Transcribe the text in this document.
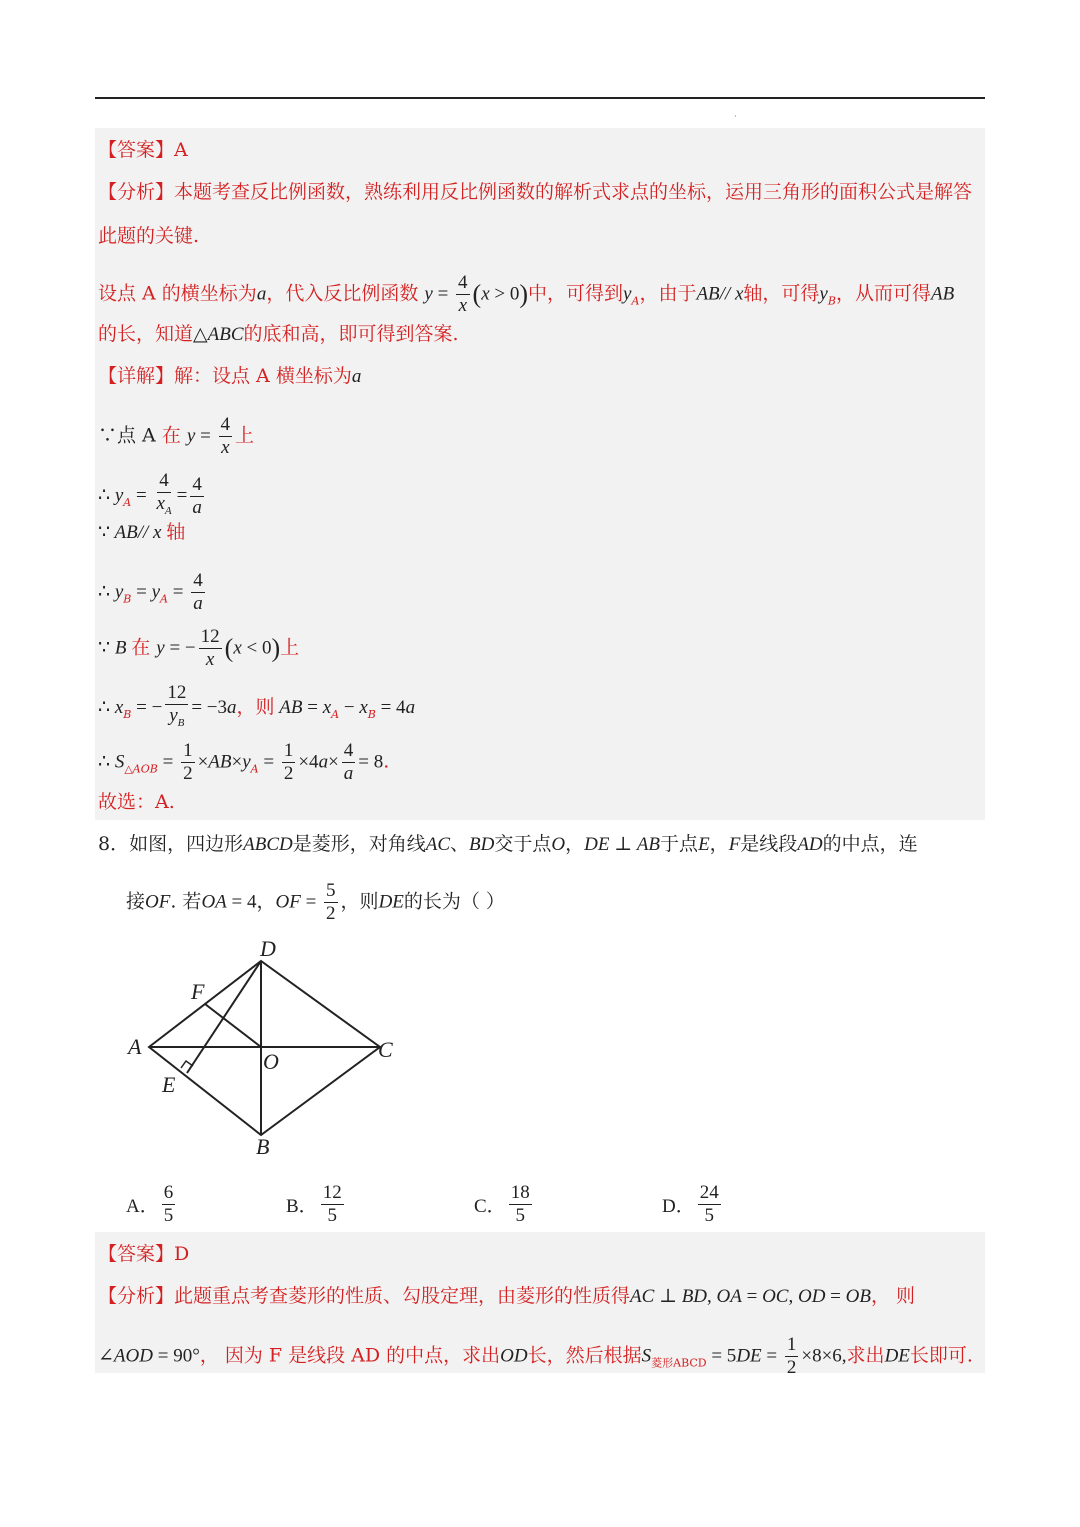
·
【答案】A
【分析】本题考查反比例函数，熟练利用反比例函数的解析式求点的坐标，运用三角形的面积公式是解答
此题的关键.
设点 A 的横坐标为a，代入反比例函数 $y = \frac{4}{x} (x > 0)$中，可得到$y_A$，由于AB// x轴，可得$y_B$，从而可得AB
的长，知道△ABC的底和高，即可得到答案.
【详解】解：设点 A 横坐标为a
∵点 A 在 $y = \frac{4}{x}$ 上
∴ $y_A = \frac{4}{x_A} = \frac{4}{a}$
∵ AB// x 轴
∴ $y_B = y_A = \frac{4}{a}$
∵ B 在 y = − $\frac{12}{x} (x < 0)$上
∴ $x_B$ = − $\frac{12}{y_B} = -3a$，则 AB = $x_A - x_B = 4a$
∴ $S_{\triangle AOB} = \frac{1}{2} \times AB\times y_A = \frac{1}{2} \times 4a\times \frac{4}{a} = 8$.
故选：A.
8．如图，四边形ABCD是菱形，对角线AC、BD交于点O，DE ⊥ AB于点E，F是线段AD的中点，连
接OF. 若OA = 4，OF = $\frac{5}{2}$ ，则DE的长为（ ）
D
F
A
O	C
E
B
A． $\frac{6}{5}$	B． $\frac{12}{5}$	C． $\frac{18}{5}$	D． $\frac{24}{5}$
【答案】D
【分析】此题重点考查菱形的性质、勾股定理，由菱形的性质得AC ⊥ BD, OA = OC, OD = OB， 则
∠AOD = 90°， 因为 F 是线段 AD 的中点，求出OD长，然后根据$S_{菱形ABCD} = 5DE = \frac{1}{2} \times 8\times 6$,求出DE长即可.
